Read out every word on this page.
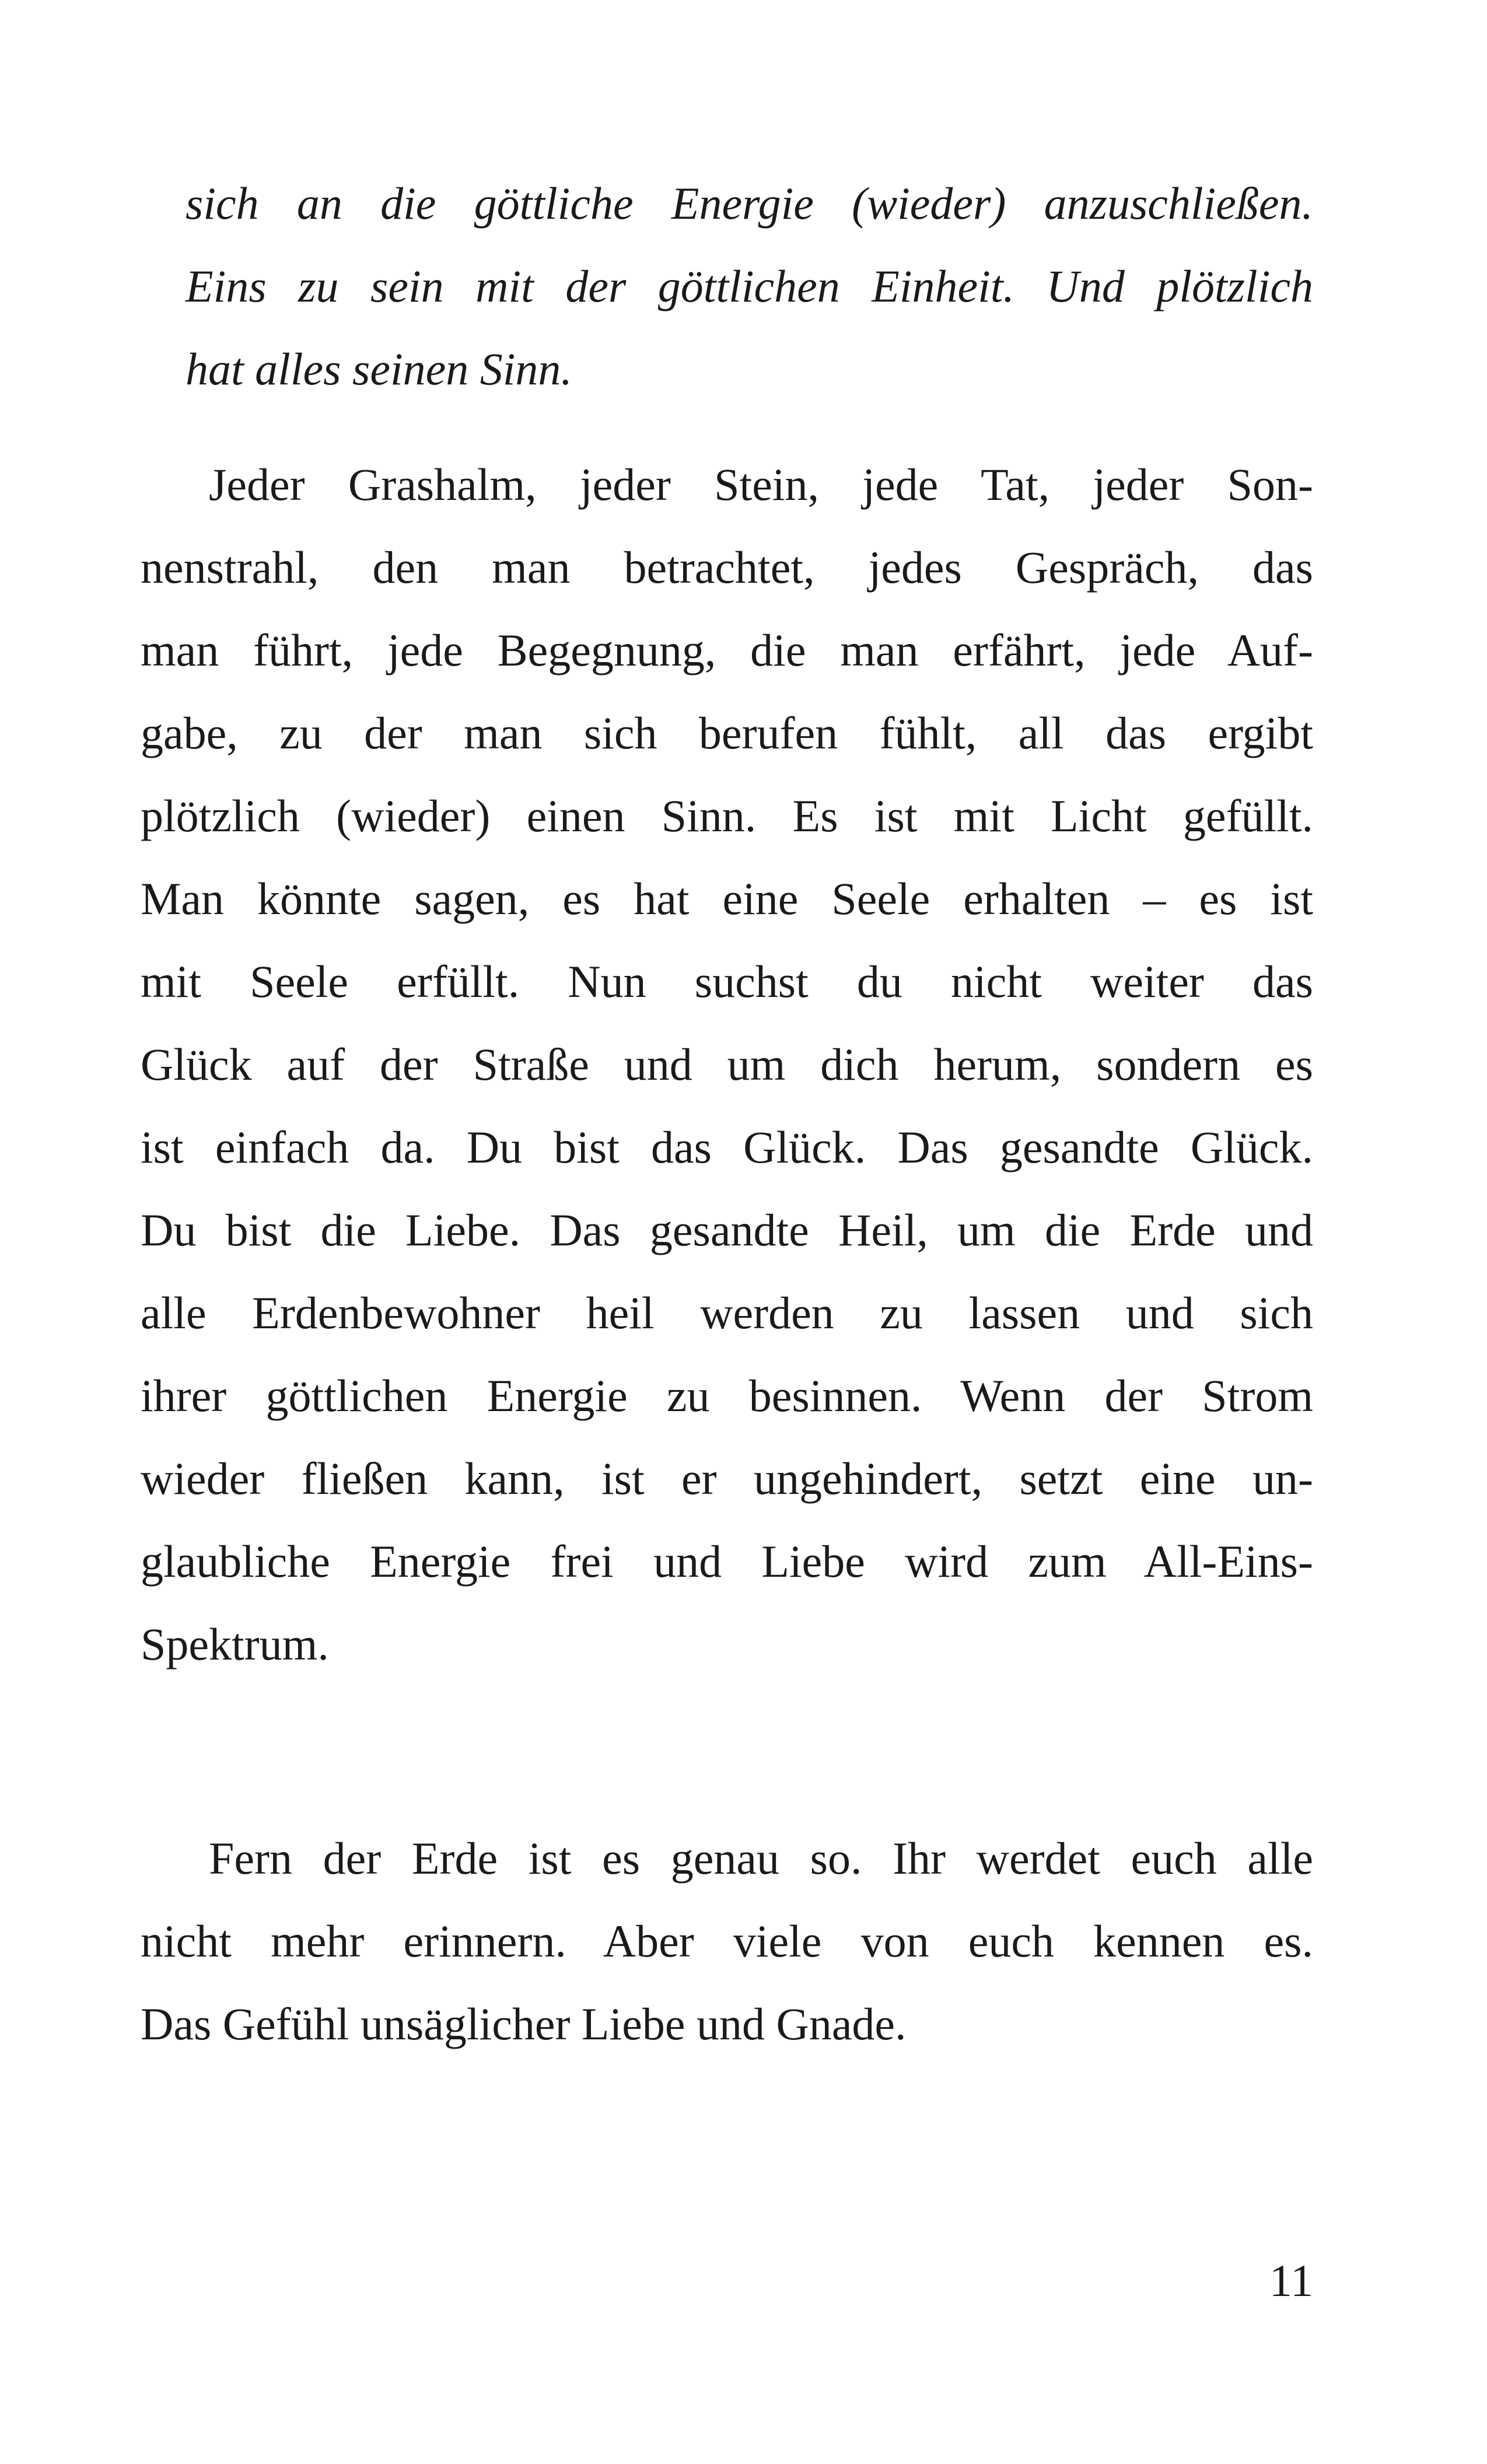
sich an die göttliche Energie (wieder) anzuschließen.
Eins zu sein mit der göttlichen Einheit. Und plötzlich
hat alles seinen Sinn.
Jeder Grashalm, jeder Stein, jede Tat, jeder Son-
nenstrahl, den man betrachtet, jedes Gespräch, das
man führt, jede Begegnung, die man erfährt, jede Auf-
gabe, zu der man sich berufen fühlt, all das ergibt
plötzlich (wieder) einen Sinn. Es ist mit Licht gefüllt.
Man könnte sagen, es hat eine Seele erhalten – es ist
mit Seele erfüllt. Nun suchst du nicht weiter das
Glück auf der Straße und um dich herum, sondern es
ist einfach da. Du bist das Glück. Das gesandte Glück.
Du bist die Liebe. Das gesandte Heil, um die Erde und
alle Erdenbewohner heil werden zu lassen und sich
ihrer göttlichen Energie zu besinnen. Wenn der Strom
wieder fließen kann, ist er ungehindert, setzt eine un-
glaubliche Energie frei und Liebe wird zum All-Eins-
Spektrum.
Fern der Erde ist es genau so. Ihr werdet euch alle
nicht mehr erinnern. Aber viele von euch kennen es.
Das Gefühl unsäglicher Liebe und Gnade.
11
